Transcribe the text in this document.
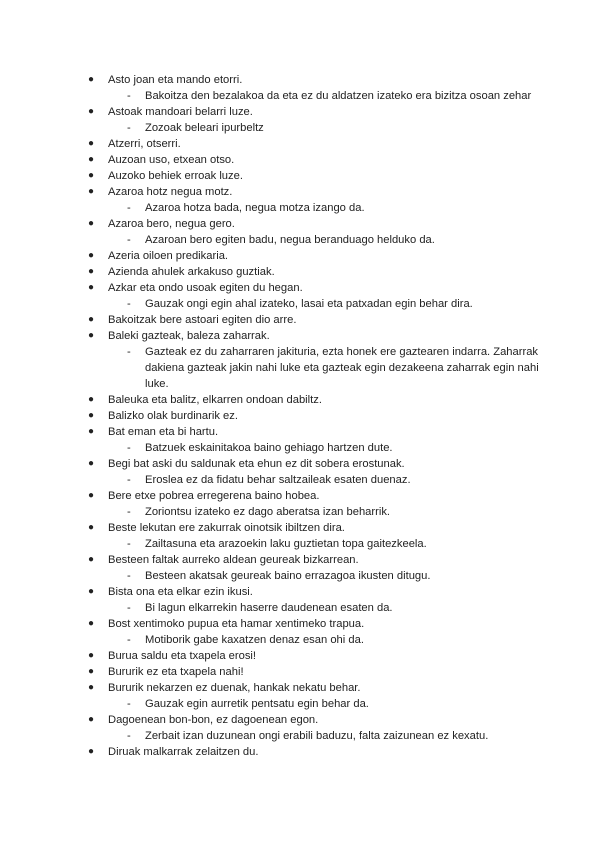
● Asto joan eta mando etorri.
- Bakoitza den bezalakoa da eta ez du aldatzen izateko era bizitza osoan zehar
● Astoak mandoari belarri luze.
- Zozoak beleari ipurbeltz
● Atzerri, otserri.
● Auzoan uso, etxean otso.
● Auzoko behiek erroak luze.
● Azaroa hotz negua motz.
- Azaroa hotza bada, negua motza izango da.
● Azaroa bero, negua gero.
- Azaroan bero egiten badu, negua beranduago helduko da.
● Azeria oiloen predikaria.
● Azienda ahulek arkakuso guztiak.
● Azkar eta ondo usoak egiten du hegan.
- Gauzak ongi egin ahal izateko, lasai eta patxadan egin behar dira.
● Bakoitzak bere astoari egiten dio arre.
● Baleki gazteak, baleza zaharrak.
- Gazteak ez du zaharraren jakituria, ezta honek ere gaztearen indarra. Zaharrak dakiena gazteak jakin nahi luke eta gazteak egin dezakeena zaharrak egin nahi luke.
● Baleuka eta balitz, elkarren ondoan dabiltz.
● Balizko olak burdinarik ez.
● Bat eman eta bi hartu.
- Batzuek eskainitakoa baino gehiago hartzen dute.
● Begi bat aski du saldunak eta ehun ez dit sobera erostunak.
- Eroslea ez da fidatu behar saltzaileak esaten duenaz.
● Bere etxe pobrea erregerena baino hobea.
- Zoriontsu izateko ez dago aberatsa izan beharrik.
● Beste lekutan ere zakurrak oinotsik ibiltzen dira.
- Zailtasuna eta arazoekin laku guztietan topa gaitezkeela.
● Besteen faltak aurreko aldean geureak bizkarrean.
- Besteen akatsak geureak baino errazagoa ikusten ditugu.
● Bista ona eta elkar ezin ikusi.
- Bi lagun elkarrekin haserre daudenean esaten da.
● Bost xentimoko pupua eta hamar xentimeko trapua.
- Motiborik gabe kaxatzen denaz esan ohi da.
● Burua saldu eta txapela erosi!
● Bururik ez eta txapela nahi!
● Bururik nekarzen ez duenak, hankak nekatu behar.
- Gauzak egin aurretik pentsatu egin behar da.
● Dagoenean bon-bon, ez dagoenean egon.
- Zerbait izan duzunean ongi erabili baduzu, falta zaizunean ez kexatu.
● Diruak malkarrak zelaitzen du.
